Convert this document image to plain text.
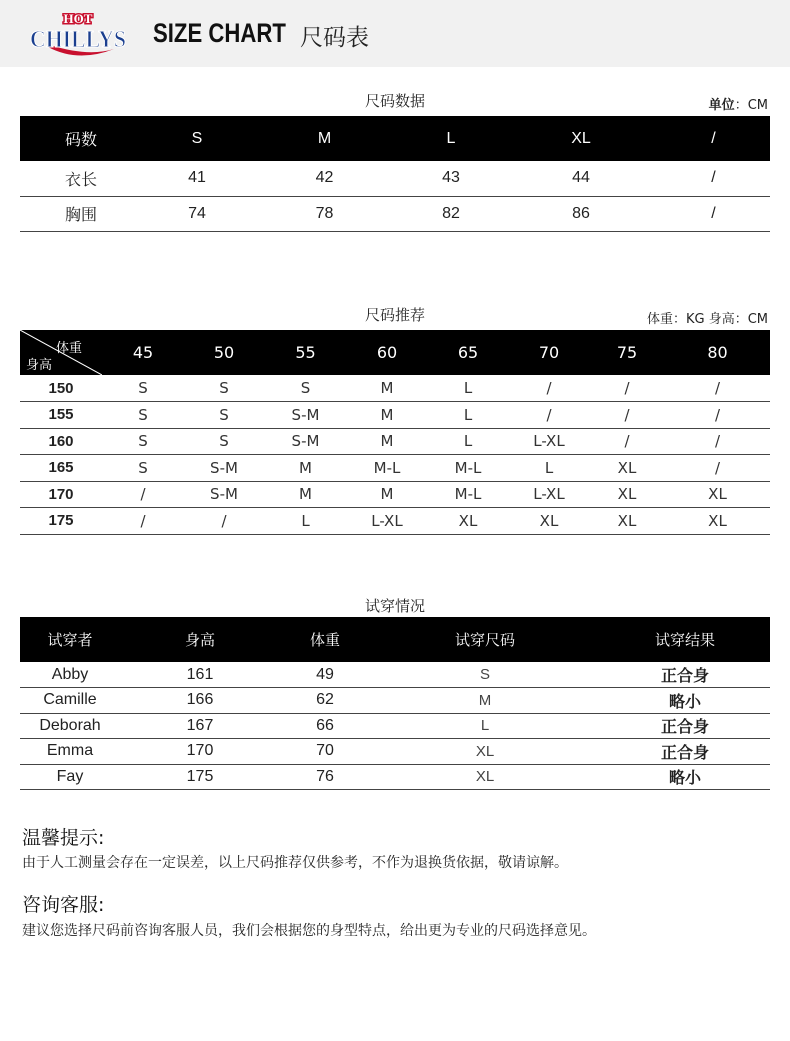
HOT
CHILLYS SIZE CHART 尺码表
尺码数据	单位：CM
码数	S	M	L	XL	/
衣长	41	42	43	44	/
胸围	74	78	82	86	/
尺码推荐	体重：KG 身高：CM
体重
身高	45	50	55	60	65	70	75	80
150	S	S	S	M	L	/	/	/
155	S	S	S-M	M	L	/	/	/
160	S	S	S-M	M	L	L-XL	/	/
165	S	S-M	M	M-L	M-L	L	XL	/
170	/	S-M	M	M	M-L	L-XL	XL	XL
175	/	/	L	L-XL	XL	XL	XL	XL
试穿情况
试穿者	身高	体重	试穿尺码	试穿结果
Abby	161	49	S	正合身
Camille	166	62	M	略小
Deborah	167	66	L	正合身
Emma	170	70	XL	正合身
Fay	175	76	XL	略小
温馨提示:
由于人工测量会存在一定误差，以上尺码推荐仅供参考，不作为退换货依据，敬请谅解。
咨询客服:
建议您选择尺码前咨询客服人员，我们会根据您的身型特点，给出更为专业的尺码选择意见。
